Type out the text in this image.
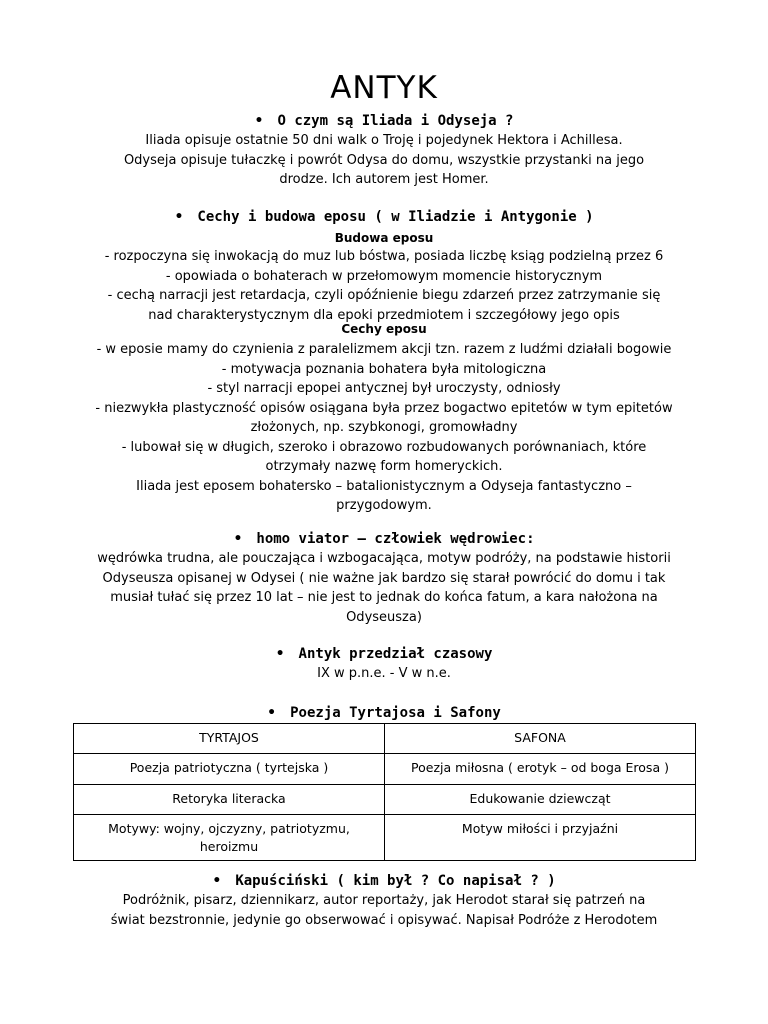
ANTYK
• O czym są Iliada i Odyseja ?
Iliada opisuje ostatnie 50 dni walk o Troję i pojedynek Hektora i Achillesa.
Odyseja opisuje tułaczkę i powrót Odysa do domu, wszystkie przystanki na jego
drodze. Ich autorem jest Homer.
• Cechy i budowa eposu ( w Iliadzie i Antygonie )
Budowa eposu
- rozpoczyna się inwokacją do muz lub bóstwa, posiada liczbę ksiąg podzielną przez 6
- opowiada o bohaterach w przełomowym momencie historycznym
- cechą narracji jest retardacja, czyli opóźnienie biegu zdarzeń przez zatrzymanie się
nad charakterystycznym dla epoki przedmiotem i szczegółowy jego opis
Cechy eposu
- w eposie mamy do czynienia z paralelizmem akcji tzn. razem z ludźmi działali bogowie
- motywacja poznania bohatera była mitologiczna
- styl narracji epopei antycznej był uroczysty, odniosły
- niezwykła plastyczność opisów osiągana była przez bogactwo epitetów w tym epitetów
złożonych, np. szybkonogi, gromowładny
- lubował się w długich, szeroko i obrazowo rozbudowanych porównaniach, które
otrzymały nazwę form homeryckich.
Iliada jest eposem bohatersko – batalionistycznym a Odyseja fantastyczno –
przygodowym.
• homo viator – człowiek wędrowiec:
wędrówka trudna, ale pouczająca i wzbogacająca, motyw podróży, na podstawie historii
Odyseusza opisanej w Odysei ( nie ważne jak bardzo się starał powrócić do domu i tak
musiał tułać się przez 10 lat – nie jest to jednak do końca fatum, a kara nałożona na
Odyseusza)
• Antyk przedział czasowy
IX w p.n.e. - V w n.e.
• Poezja Tyrtajosa i Safony
TYRTAJOS	SAFONA
Poezja patriotyczna ( tyrtejska )	Poezja miłosna ( erotyk – od boga Erosa )
Retoryka literacka	Edukowanie dziewcząt
Motywy: wojny, ojczyzny, patriotyzmu, heroizmu	Motyw miłości i przyjaźni
• Kapuściński ( kim był ? Co napisał ? )
Podróżnik, pisarz, dziennikarz, autor reportaży, jak Herodot starał się patrzeń na
świat bezstronnie, jedynie go obserwować i opisywać. Napisał Podróże z Herodotem
